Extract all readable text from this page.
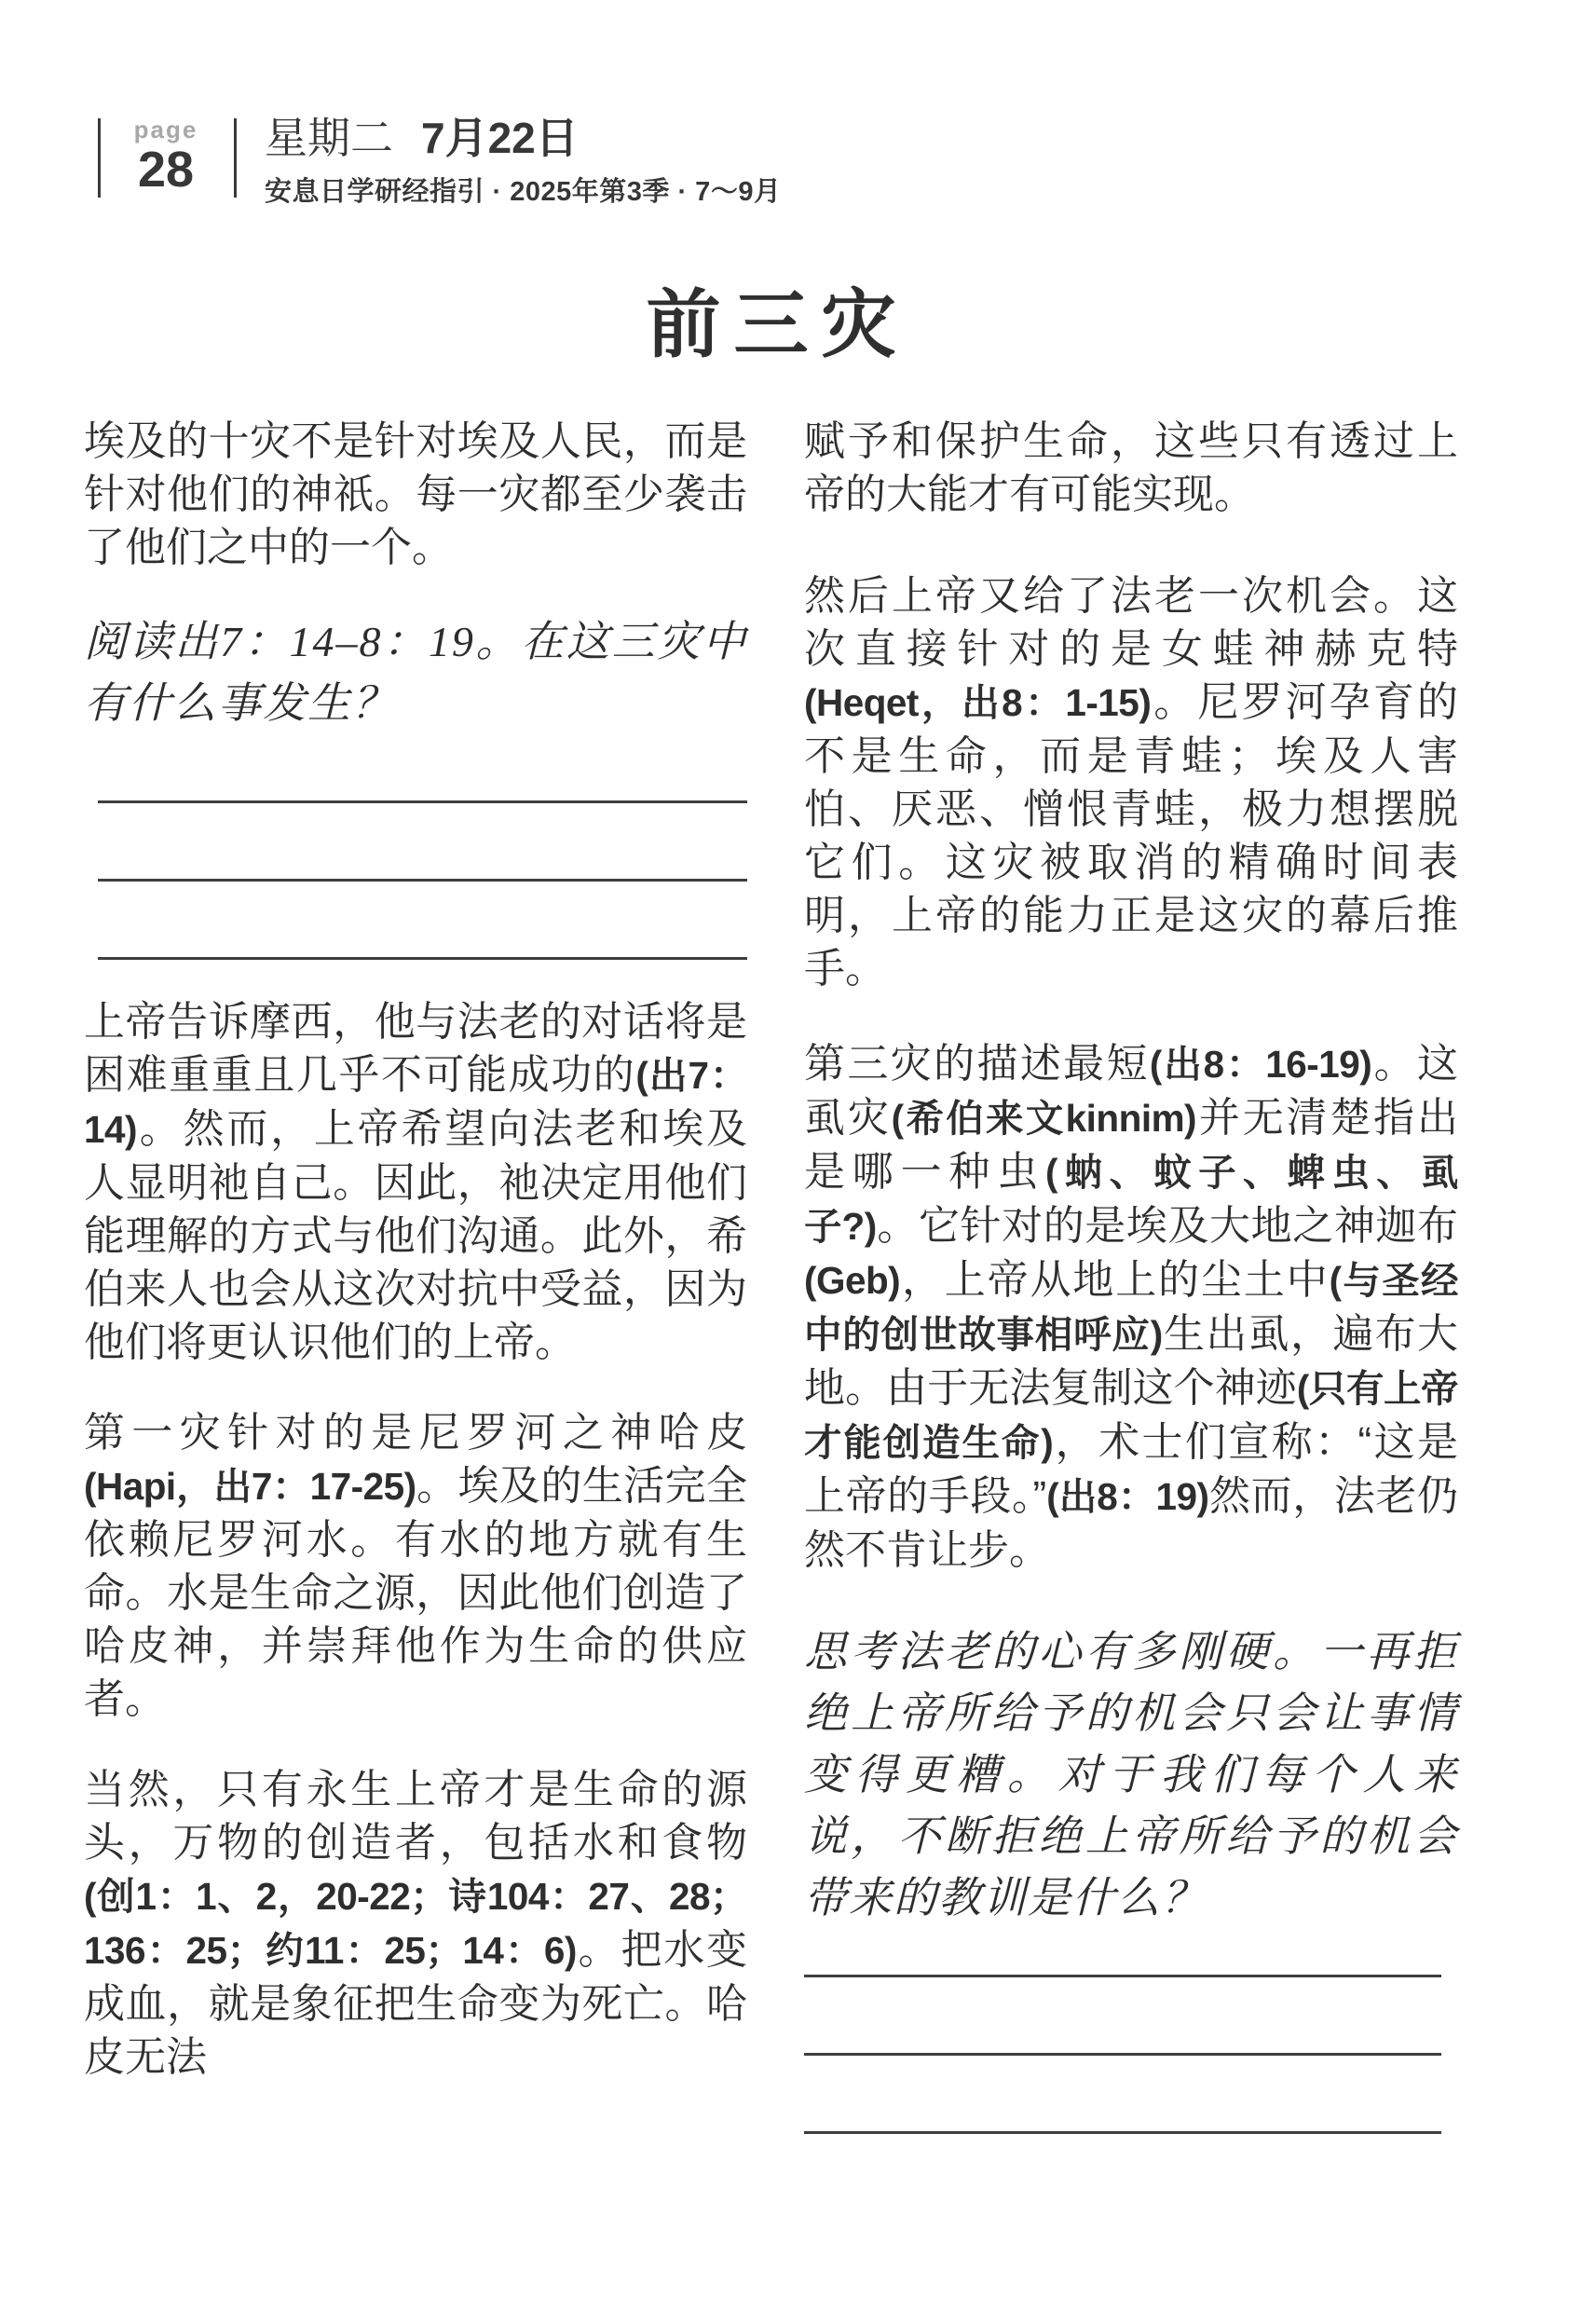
page
28
星期二 7月22日
安息日学研经指引 · 2025年第3季 · 7～9月
前三灾

埃及的十灾不是针对埃及人民，而是针对他们的神祇。每一灾都至少袭击了他们之中的一个。

阅读出7：14–8：19。在这三灾中有什么事发生？

上帝告诉摩西，他与法老的对话将是困难重重且几乎不可能成功的(出7：14)。然而，上帝希望向法老和埃及人显明祂自己。因此，祂决定用他们能理解的方式与他们沟通。此外，希伯来人也会从这次对抗中受益，因为他们将更认识他们的上帝。

第一灾针对的是尼罗河之神哈皮(Hapi，出7：17-25)。埃及的生活完全依赖尼罗河水。有水的地方就有生命。水是生命之源，因此他们创造了哈皮神，并崇拜他作为生命的供应者。

当然，只有永生上帝才是生命的源头，万物的创造者，包括水和食物(创1：1、2，20-22；诗104：27、28；136：25；约11：25；14：6)。把水变成血，就是象征把生命变为死亡。哈皮无法

赋予和保护生命，这些只有透过上帝的大能才有可能实现。

然后上帝又给了法老一次机会。这次直接针对的是女蛙神赫克特(Heqet，出8：1-15)。尼罗河孕育的不是生命，而是青蛙；埃及人害怕、厌恶、憎恨青蛙，极力想摆脱它们。这灾被取消的精确时间表明，上帝的能力正是这灾的幕后推手。

第三灾的描述最短(出8：16-19)。这虱灾(希伯来文kinnim)并无清楚指出是哪一种虫(蚋、蚊子、蜱虫、虱子?)。它针对的是埃及大地之神迦布(Geb)，上帝从地上的尘土中(与圣经中的创世故事相呼应)生出虱，遍布大地。由于无法复制这个神迹(只有上帝才能创造生命)，术士们宣称：“这是上帝的手段。”(出8：19)然而，法老仍然不肯让步。

思考法老的心有多刚硬。一再拒绝上帝所给予的机会只会让事情变得更糟。对于我们每个人来说，不断拒绝上帝所给予的机会带来的教训是什么？
